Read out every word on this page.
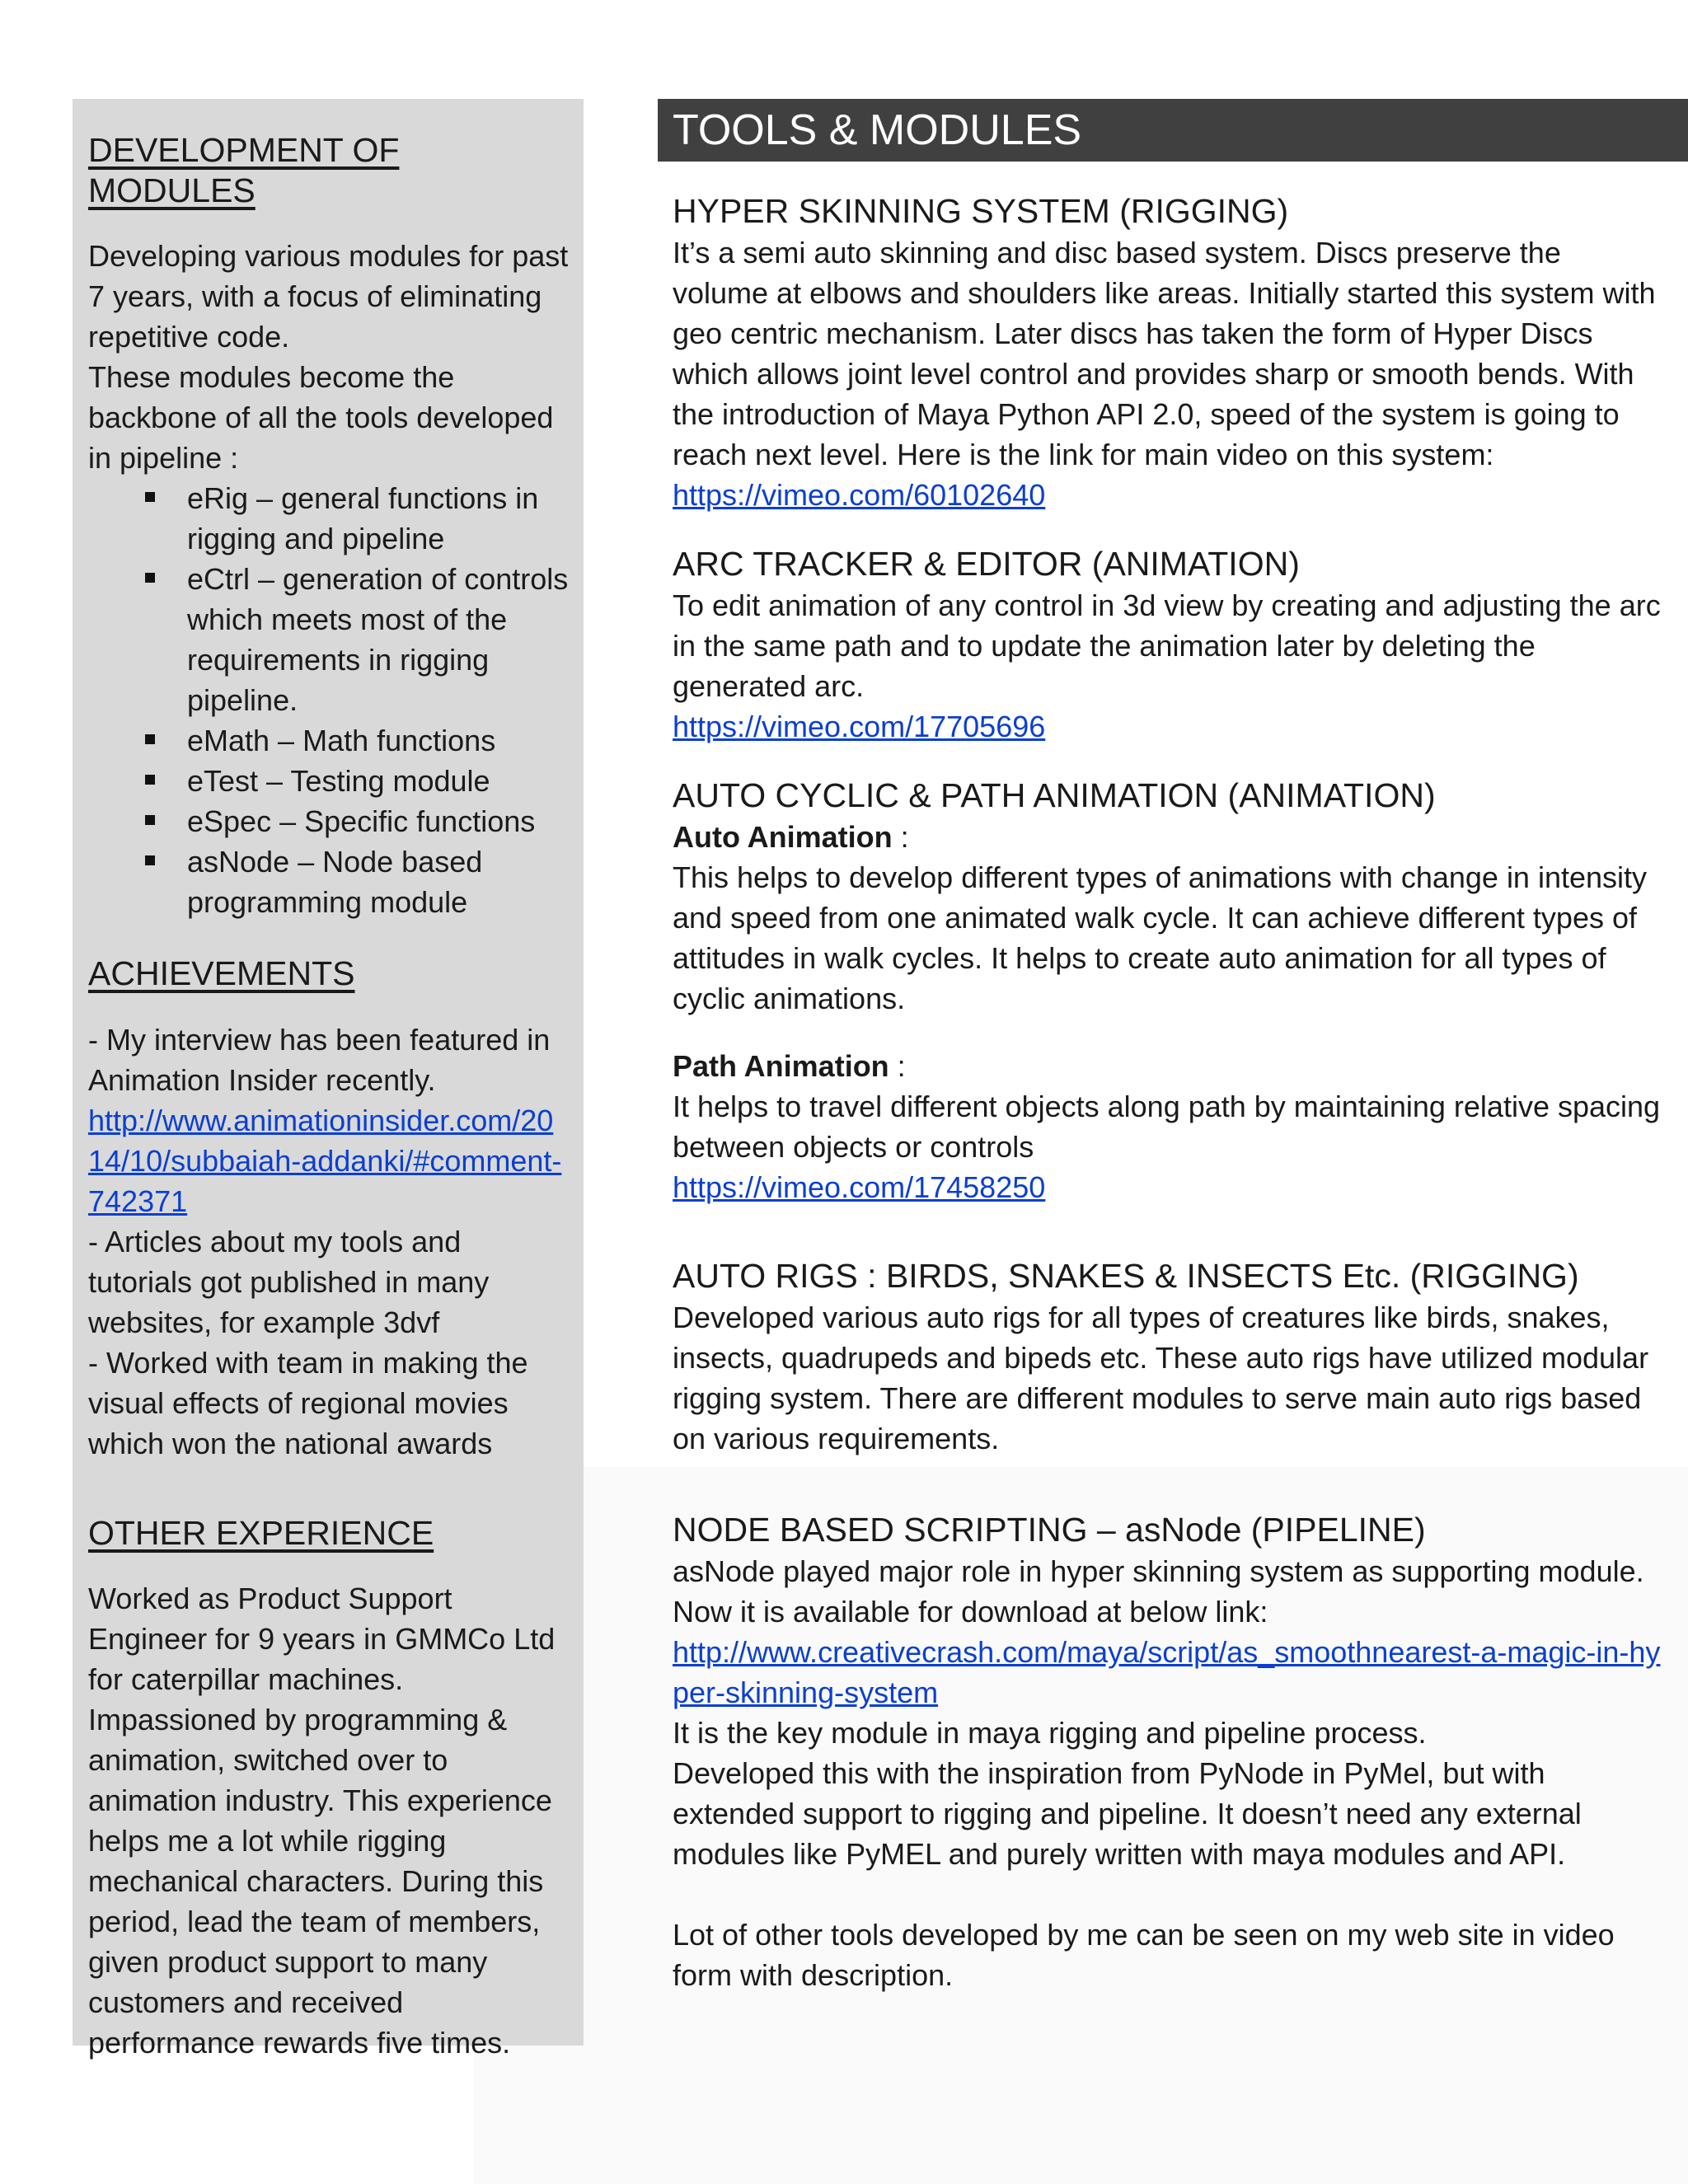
DEVELOPMENT OF MODULES

Developing various modules for past 7 years, with a focus of eliminating repetitive code.

These modules become the backbone of all the tools developed in pipeline :

eRig – general functions in rigging and pipeline
eCtrl – generation of controls which meets most of the requirements in rigging pipeline.
eMath – Math functions
eTest – Testing module
eSpec – Specific functions
asNode – Node based programming module
ACHIEVEMENTS

- My interview has been featured in Animation Insider recently.

http://www.animationinsider.com/2014/10/subbaiah-addanki/#comment-742371

- Articles about my tools and tutorials got published in many websites, for example 3dvf

- Worked with team in making the visual effects of regional movies which won the national awards

OTHER EXPERIENCE

Worked as Product Support Engineer for 9 years in GMMCo Ltd for caterpillar machines. Impassioned by programming & animation, switched over to animation industry. This experience helps me a lot while rigging mechanical characters. During this period, lead the team of members, given product support to many customers and received performance rewards five times.

TOOLS & MODULES
HYPER SKINNING SYSTEM (RIGGING)

It’s a semi auto skinning and disc based system. Discs preserve the volume at elbows and shoulders like areas. Initially started this system with geo centric mechanism. Later discs has taken the form of Hyper Discs which allows joint level control and provides sharp or smooth bends. With the introduction of Maya Python API 2.0, speed of the system is going to reach next level. Here is the link for main video on this system:

https://vimeo.com/60102640

ARC TRACKER & EDITOR (ANIMATION)

To edit animation of any control in 3d view by creating and adjusting the arc in the same path and to update the animation later by deleting the generated arc.

https://vimeo.com/17705696

AUTO CYCLIC & PATH ANIMATION (ANIMATION)

Auto Animation :

This helps to develop different types of animations with change in intensity and speed from one animated walk cycle. It can achieve different types of attitudes in walk cycles. It helps to create auto animation for all types of cyclic animations.

Path Animation :

It helps to travel different objects along path by maintaining relative spacing between objects or controls

https://vimeo.com/17458250

AUTO RIGS : BIRDS, SNAKES & INSECTS Etc. (RIGGING)

Developed various auto rigs for all types of creatures like birds, snakes, insects, quadrupeds and bipeds etc. These auto rigs have utilized modular rigging system. There are different modules to serve main auto rigs based on various requirements.

NODE BASED SCRIPTING – asNode (PIPELINE)

asNode played major role in hyper skinning system as supporting module. Now it is available for download at below link:

http://www.creativecrash.com/maya/script/as_smoothnearest-a-magic-in-hyper-skinning-system

It is the key module in maya rigging and pipeline process.

Developed this with the inspiration from PyNode in PyMel, but with extended support to rigging and pipeline. It doesn’t need any external modules like PyMEL and purely written with maya modules and API.

Lot of other tools developed by me can be seen on my web site in video form with description.
